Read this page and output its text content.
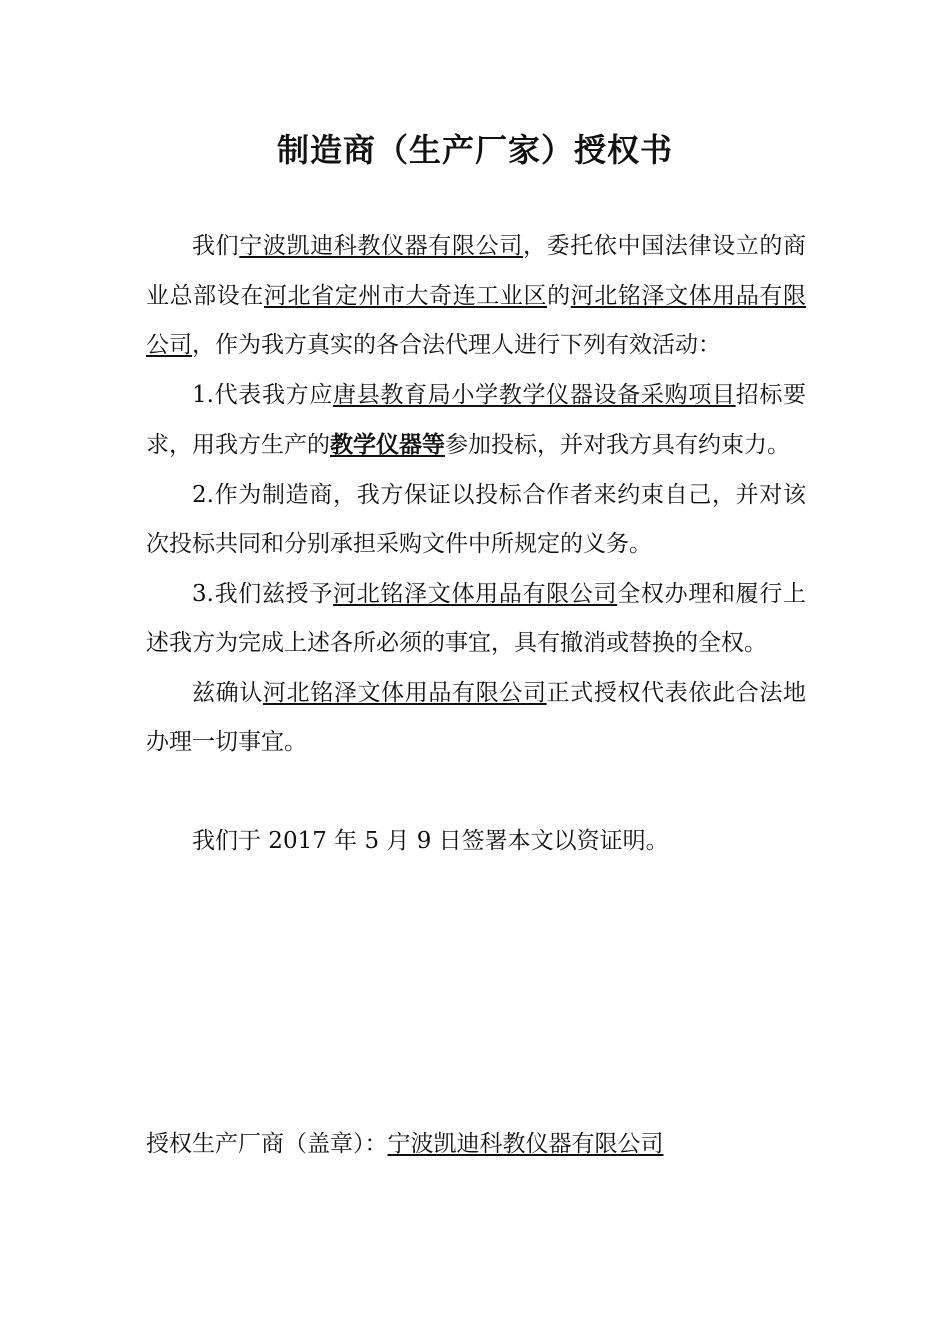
制造商（生产厂家）授权书

我们宁波凯迪科教仪器有限公司，委托依中国法律设立的商业总部设在河北省定州市大奇连工业区的河北铭泽文体用品有限公司，作为我方真实的各合法代理人进行下列有效活动：

1.代表我方应唐县教育局小学教学仪器设备采购项目招标要求，用我方生产的教学仪器等参加投标，并对我方具有约束力。

2.作为制造商，我方保证以投标合作者来约束自己，并对该次投标共同和分别承担采购文件中所规定的义务。

3.我们兹授予河北铭泽文体用品有限公司全权办理和履行上述我方为完成上述各所必须的事宜，具有撤消或替换的全权。

兹确认河北铭泽文体用品有限公司正式授权代表依此合法地办理一切事宜。

我们于 2017 年 5 月 9 日签署本文以资证明。

授权生产厂商（盖章）：宁波凯迪科教仪器有限公司
